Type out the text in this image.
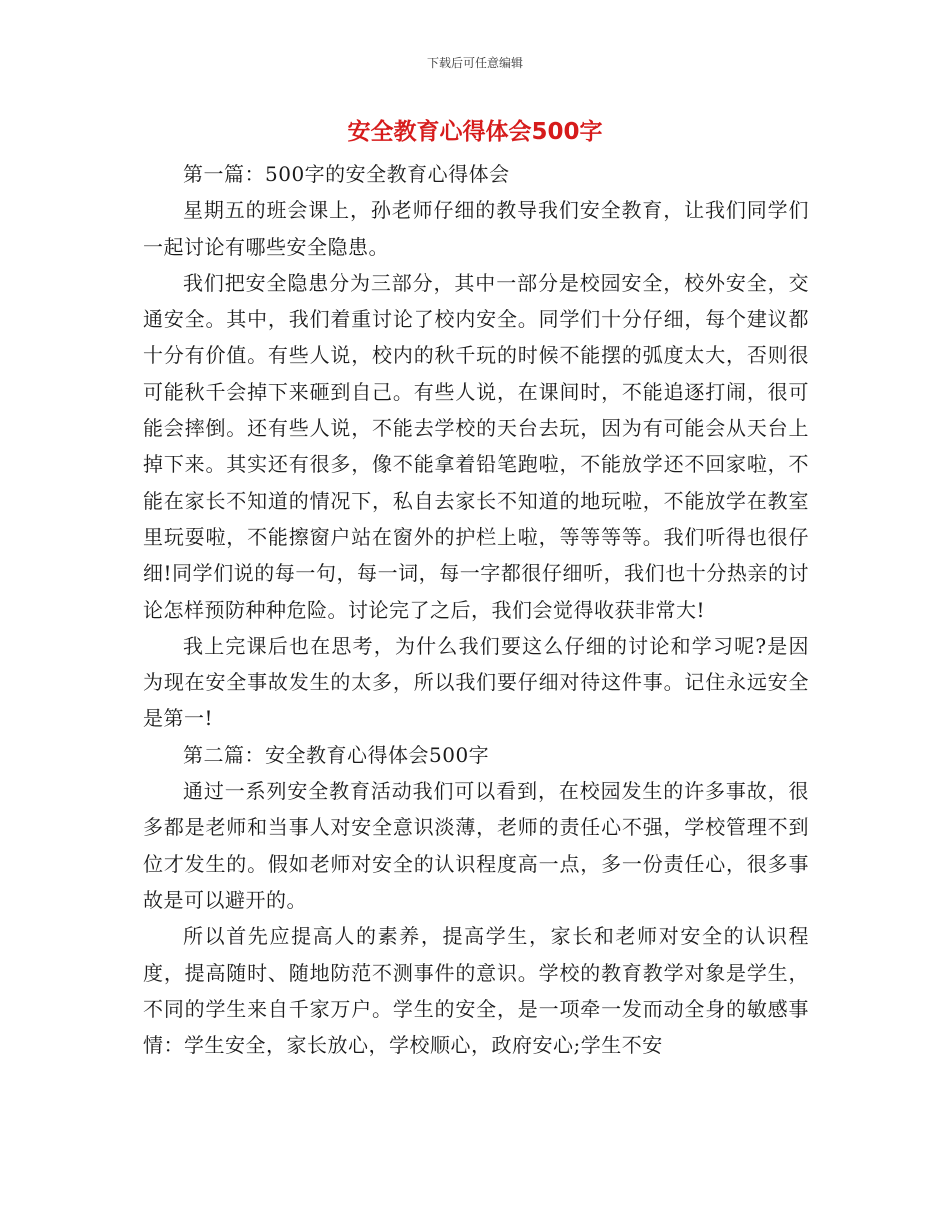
下载后可任意编辑
安全教育心得体会500字

第一篇：500字的安全教育心得体会

星期五的班会课上，孙老师仔细的教导我们安全教育，让我们同学们一起讨论有哪些安全隐患。

我们把安全隐患分为三部分，其中一部分是校园安全，校外安全，交通安全。其中，我们着重讨论了校内安全。同学们十分仔细，每个建议都十分有价值。有些人说，校内的秋千玩的时候不能摆的弧度太大，否则很可能秋千会掉下来砸到自己。有些人说，在课间时，不能追逐打闹，很可能会摔倒。还有些人说，不能去学校的天台去玩，因为有可能会从天台上掉下来。其实还有很多，像不能拿着铅笔跑啦，不能放学还不回家啦，不能在家长不知道的情况下，私自去家长不知道的地玩啦，不能放学在教室里玩耍啦，不能擦窗户站在窗外的护栏上啦，等等等等。我们听得也很仔细!同学们说的每一句，每一词，每一字都很仔细听，我们也十分热亲的讨论怎样预防种种危险。讨论完了之后，我们会觉得收获非常大!

我上完课后也在思考，为什么我们要这么仔细的讨论和学习呢?是因为现在安全事故发生的太多，所以我们要仔细对待这件事。记住永远安全是第一!

第二篇：安全教育心得体会500字

通过一系列安全教育活动我们可以看到，在校园发生的许多事故，很多都是老师和当事人对安全意识淡薄，老师的责任心不强，学校管理不到位才发生的。假如老师对安全的认识程度高一点，多一份责任心，很多事故是可以避开的。

所以首先应提高人的素养，提高学生，家长和老师对安全的认识程度，提高随时、随地防范不测事件的意识。学校的教育教学对象是学生，不同的学生来自千家万户。学生的安全，是一项牵一发而动全身的敏感事情：学生安全，家长放心，学校顺心，政府安心;学生不安
